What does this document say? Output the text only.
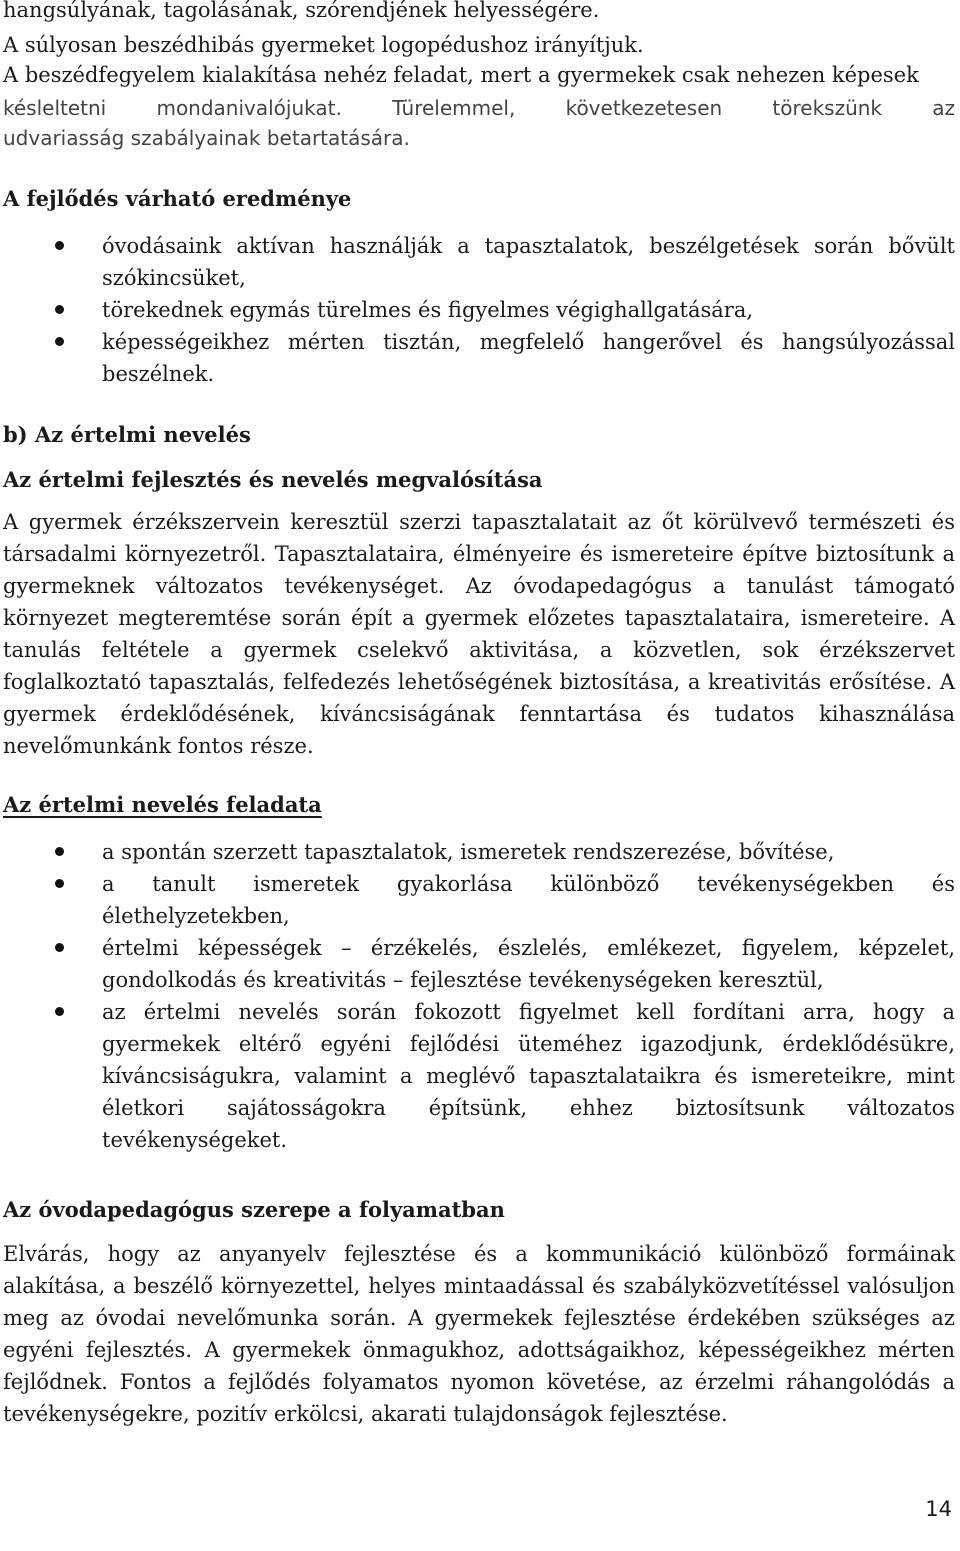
hangsúlyának, tagolásának, szórendjének helyességére.
A súlyosan beszédhibás gyermeket logopédushoz irányítjuk.
A beszédfegyelem kialakítása nehéz feladat, mert a gyermekek csak nehezen képesek
késleltetni mondanivalójukat. Türelemmel, következetesen törekszünk az
udvariasság szabályainak betartatására.
A fejlődés várható eredménye
óvodásaink aktívan használják a tapasztalatok, beszélgetések során bővült szókincsüket,
törekednek egymás türelmes és figyelmes végighallgatására,
képességeikhez mérten tisztán, megfelelő hangerővel és hangsúlyozással beszélnek.
b) Az értelmi nevelés
Az értelmi fejlesztés és nevelés megvalósítása
A gyermek érzékszervein keresztül szerzi tapasztalatait az őt körülvevő természeti és társadalmi környezetről. Tapasztalataira, élményeire és ismereteire építve biztosítunk a gyermeknek változatos tevékenységet. Az óvodapedagógus a tanulást támogató környezet megteremtése során épít a gyermek előzetes tapasztalataira, ismereteire. A tanulás feltétele a gyermek cselekvő aktivitása, a közvetlen, sok érzékszervet foglalkoztató tapasztalás, felfedezés lehetőségének biztosítása, a kreativitás erősítése. A gyermek érdeklődésének, kíváncsiságának fenntartása és tudatos kihasználása nevelőmunkánk fontos része.
Az értelmi nevelés feladata
a spontán szerzett tapasztalatok, ismeretek rendszerezése, bővítése,
a tanult ismeretek gyakorlása különböző tevékenységekben és élethelyzetekben,
értelmi képességek – érzékelés, észlelés, emlékezet, figyelem, képzelet, gondolkodás és kreativitás – fejlesztése tevékenységeken keresztül,
az értelmi nevelés során fokozott figyelmet kell fordítani arra, hogy a gyermekek eltérő egyéni fejlődési üteméhez igazodjunk, érdeklődésükre, kíváncsiságukra, valamint a meglévő tapasztalataikra és ismereteikre, mint életkori sajátosságokra építsünk, ehhez biztosítsunk változatos tevékenységeket.
Az óvodapedagógus szerepe a folyamatban
Elvárás, hogy az anyanyelv fejlesztése és a kommunikáció különböző formáinak alakítása, a beszélő környezettel, helyes mintaadással és szabályközvetítéssel valósuljon meg az óvodai nevelőmunka során. A gyermekek fejlesztése érdekében szükséges az egyéni fejlesztés. A gyermekek önmagukhoz, adottságaikhoz, képességeikhez mérten fejlődnek. Fontos a fejlődés folyamatos nyomon követése, az érzelmi ráhangolódás a tevékenységekre, pozitív erkölcsi, akarati tulajdonságok fejlesztése.
14
